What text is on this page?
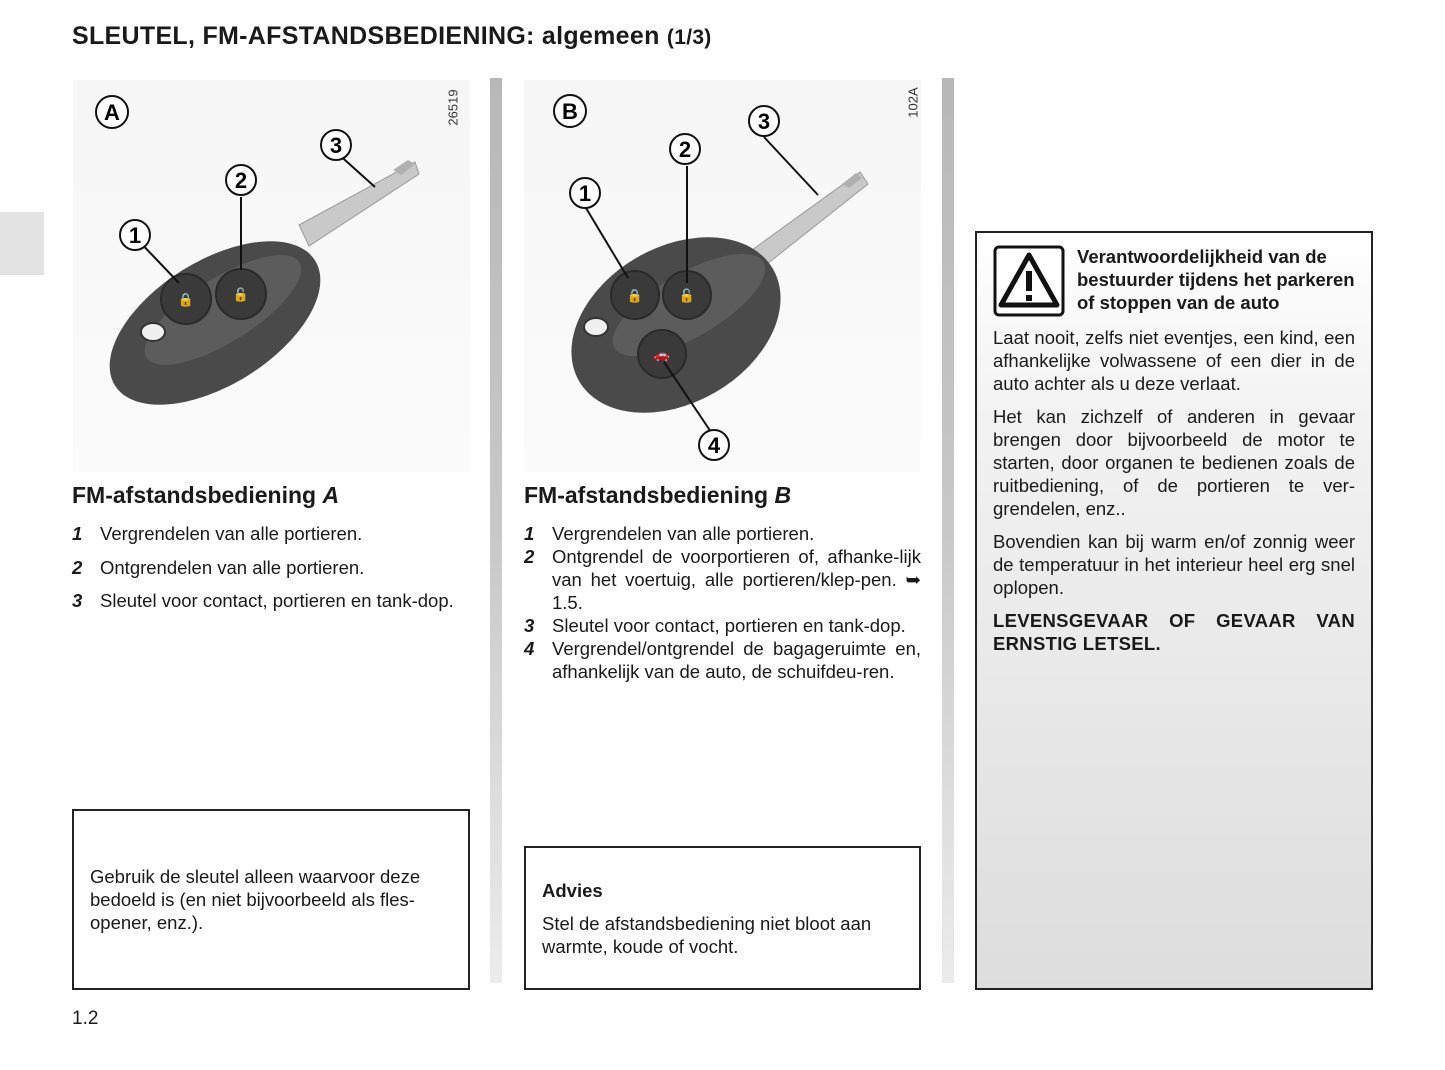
SLEUTEL, FM-AFSTANDSBEDIENING: algemeen (1/3)
🔒	🔓
1
2
3
A	26519
🔒	🔓
🚗
1
2
3
4
B	102A
FM-afstandsbediening A
1 Vergrendelen van alle portieren.
2 Ontgrendelen van alle portieren.
3 Sleutel voor contact, portieren en tank-dop.
FM-afstandsbediening B
1 Vergrendelen van alle portieren.
2 Ontgrendel de voorportieren of, afhanke-lijk van het voertuig, alle portieren/klep-pen. ➥ 1.5.
3 Sleutel voor contact, portieren en tank-dop.
4 Vergrendel/ontgrendel de bagageruimte en, afhankelijk van de auto, de schuifdeu-ren.
Gebruik de sleutel alleen waarvoor deze bedoeld is (en niet bijvoorbeeld als fles-opener, enz.).
Advies
Stel de afstandsbediening niet bloot aan warmte, koude of vocht.
Verantwoordelijkheid van de bestuurder tijdens het parkeren of stoppen van de auto

Laat nooit, zelfs niet eventjes, een kind, een afhankelijke volwassene of een dier in de auto achter als u deze verlaat.

Het kan zichzelf of anderen in gevaar brengen door bijvoorbeeld de motor te starten, door organen te bedienen zoals de ruitbediening, of de portieren te ver-grendelen, enz..

Bovendien kan bij warm en/of zonnig weer de temperatuur in het interieur heel erg snel oplopen.

LEVENSGEVAAR OF GEVAAR VAN ERNSTIG LETSEL.

1.2
